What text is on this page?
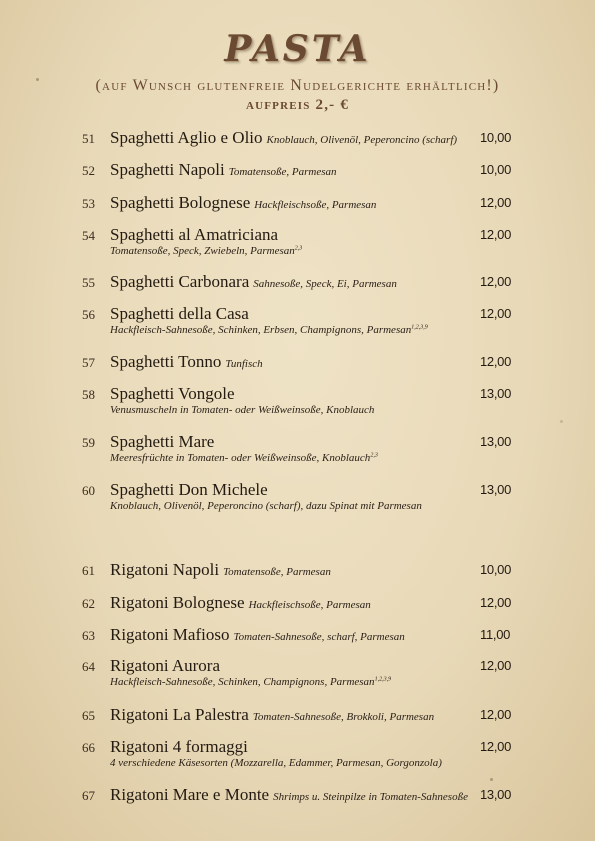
PASTA
(auf Wunsch glutenfreie Nudelgerichte erhältlich!)
aufpreis 2,- €
51 Spaghetti Aglio e Olio Knoblauch, Olivenöl, Peperoncino (scharf) 10,00
52 Spaghetti Napoli Tomatensoße, Parmesan	10,00
53 Spaghetti Bolognese Hackfleischsoße, Parmesan	12,00
54 Spaghetti al Amatriciana
Tomatensoße, Speck, Zwiebeln, Parmesan$^{2,3}$
12,00
55 Spaghetti Carbonara Sahnesoße, Speck, Ei, Parmesan	12,00
56 Spaghetti della Casa
Hackfleisch-Sahnesoße, Schinken, Erbsen, Champignons, Parmesan$^{1,2,3,9}$
12,00
57 Spaghetti Tonno Tunfisch	12,00
58 Spaghetti Vongole
Venusmuscheln in Tomaten- oder Weißweinsoße, Knoblauch
13,00
59 Spaghetti Mare
Meeresfrüchte in Tomaten- oder Weißweinsoße, Knoblauch$^{2,3}$
13,00
60 Spaghetti Don Michele
Knoblauch, Olivenöl, Peperoncino (scharf), dazu Spinat mit Parmesan
13,00
61 Rigatoni Napoli Tomatensoße, Parmesan	10,00
62 Rigatoni Bolognese Hackfleischsoße, Parmesan	12,00
63 Rigatoni Mafioso Tomaten-Sahnesoße, scharf, Parmesan	11,00
64 Rigatoni Aurora
Hackfleisch-Sahnesoße, Schinken, Champignons, Parmesan$^{1,2,3,9}$
12,00
65 Rigatoni La Palestra Tomaten-Sahnesoße, Brokkoli, Parmesan	12,00
66 Rigatoni 4 formaggi
4 verschiedene Käsesorten (Mozzarella, Edammer, Parmesan, Gorgonzola)
12,00
67 Rigatoni Mare e Monte Shrimps u. Steinpilze in Tomaten-Sahnesoße 13,00
